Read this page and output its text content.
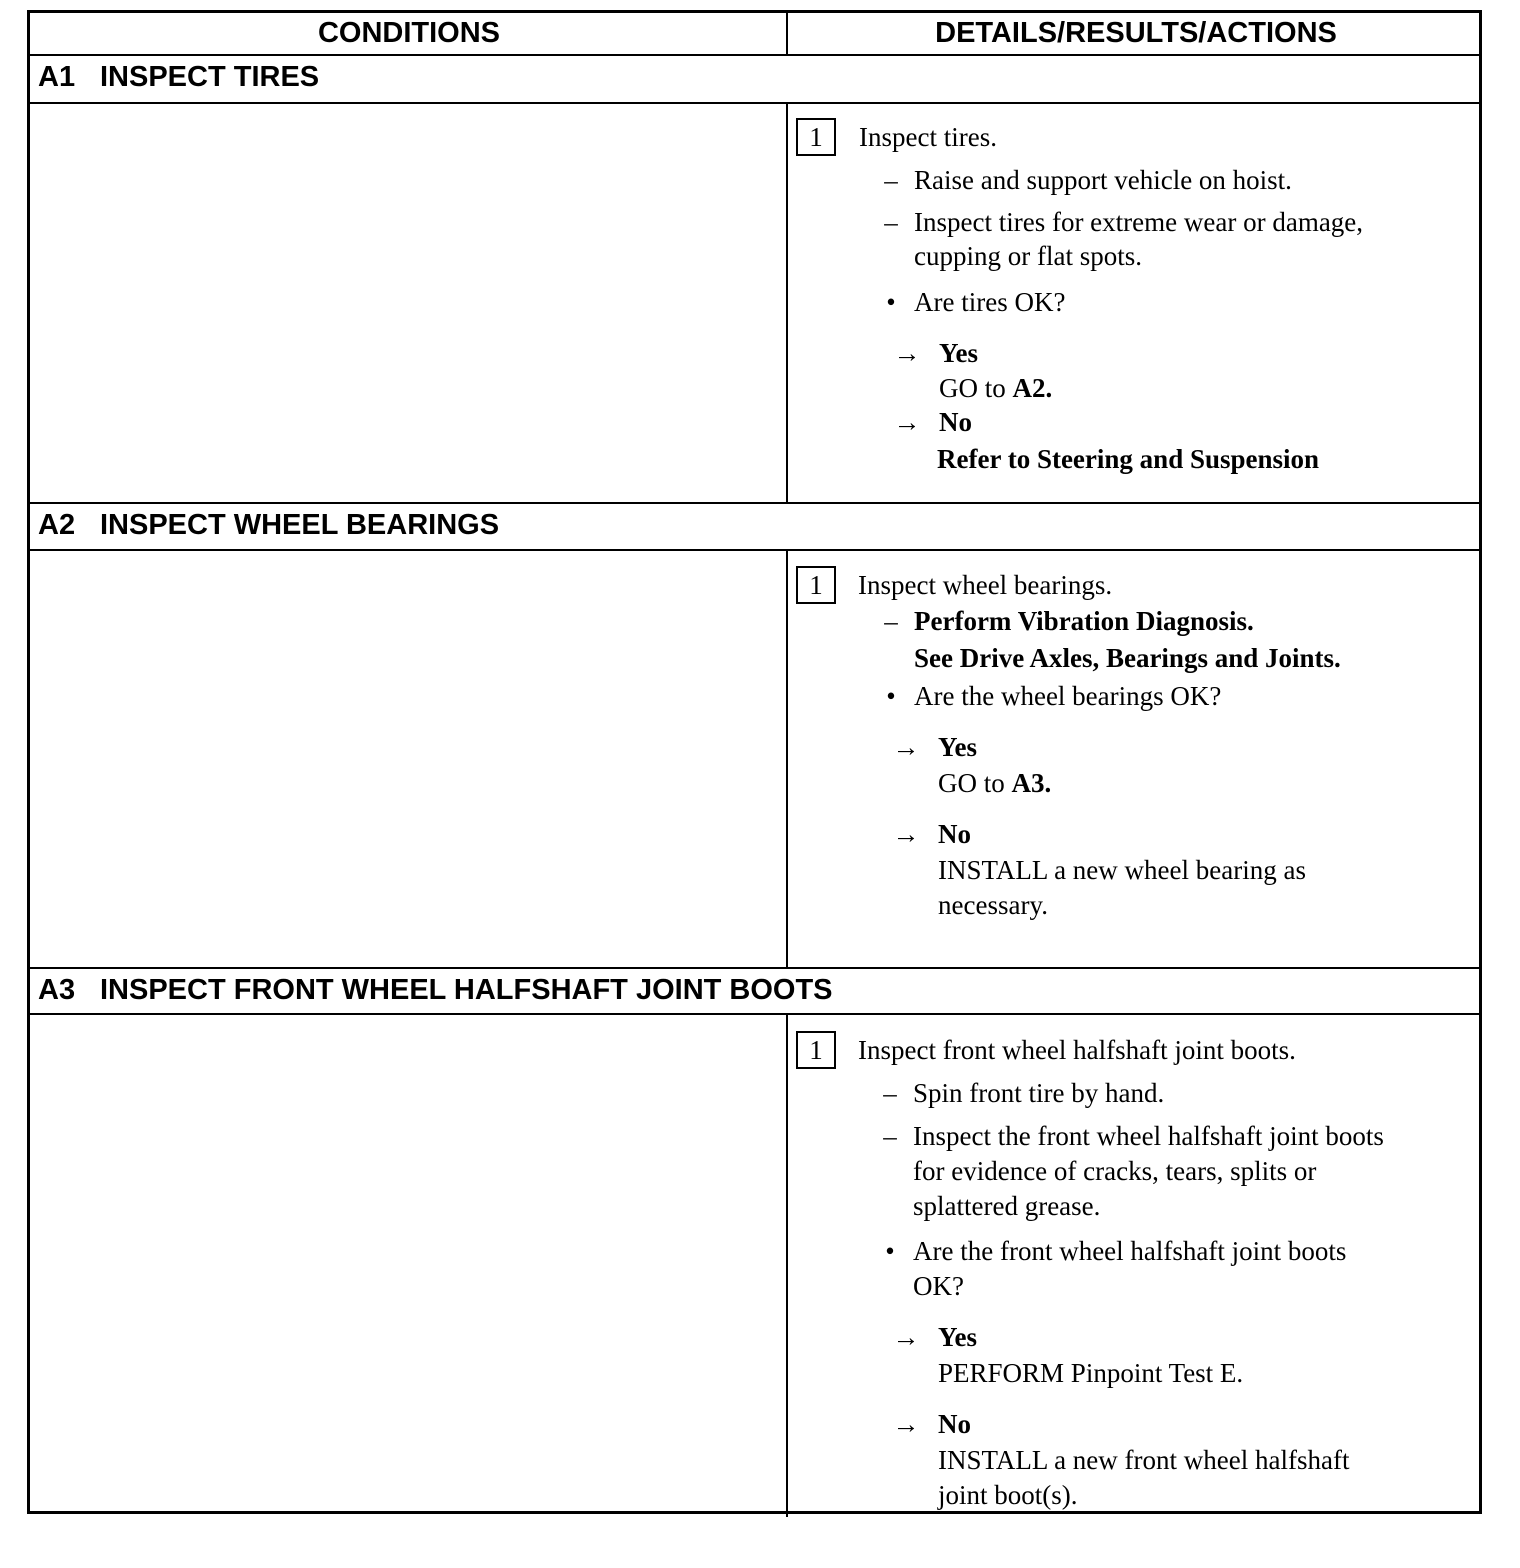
CONDITIONS	DETAILS/RESULTS/ACTIONS
A1 INSPECT TIRES
1	Inspect tires.
– Raise and support vehicle on hoist.
– Inspect tires for extreme wear or damage,
cupping or flat spots.
• Are tires OK?
→ Yes
GO to A2.
→ No
Refer to Steering and Suspension
A2 INSPECT WHEEL BEARINGS
1	Inspect wheel bearings.
– Perform Vibration Diagnosis.
See Drive Axles, Bearings and Joints.
• Are the wheel bearings OK?
→ Yes
GO to A3.
→ No
INSTALL a new wheel bearing as
necessary.
A3 INSPECT FRONT WHEEL HALFSHAFT JOINT BOOTS
1	Inspect front wheel halfshaft joint boots.
– Spin front tire by hand.
– Inspect the front wheel halfshaft joint boots
for evidence of cracks, tears, splits or
splattered grease.
• Are the front wheel halfshaft joint boots
OK?
→ Yes
PERFORM Pinpoint Test E.
→ No
INSTALL a new front wheel halfshaft
joint boot(s).
